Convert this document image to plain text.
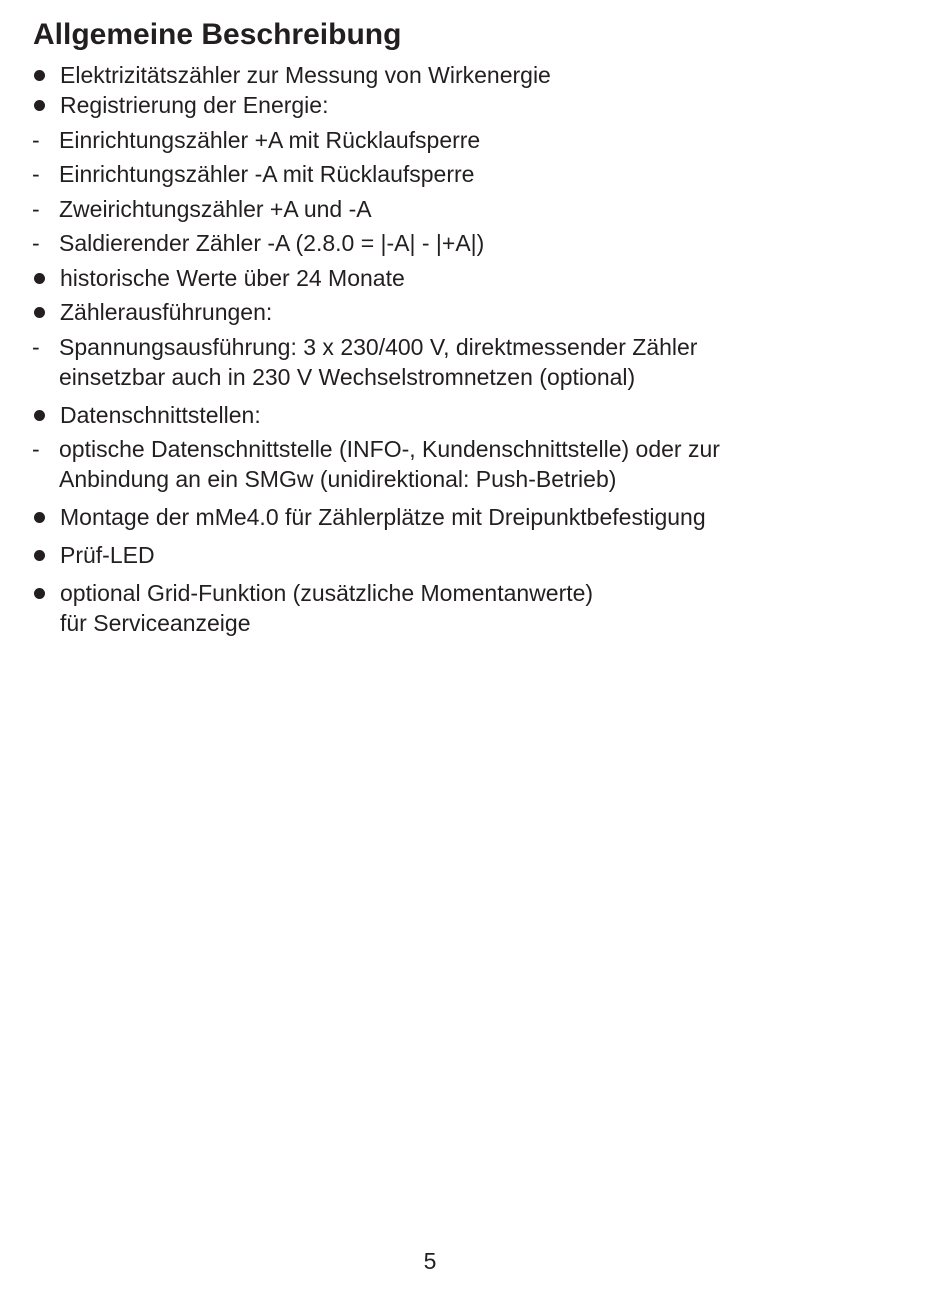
Allgemeine Beschreibung
Elektrizitätszähler zur Messung von Wirkenergie
Registrierung der Energie:
- Einrichtungszähler +A mit Rücklaufsperre
- Einrichtungszähler -A mit Rücklaufsperre
- Zweirichtungszähler +A und -A
- Saldierender Zähler -A (2.8.0 = |-A| - |+A|)
historische Werte über 24 Monate
Zählerausführungen:
- Spannungsausführung: 3 x 230/400 V, direktmessender Zähler
einsetzbar auch in 230 V Wechselstromnetzen (optional)
Datenschnittstellen:
- optische Datenschnittstelle (INFO-, Kundenschnittstelle) oder zur
Anbindung an ein SMGw (unidirektional: Push-Betrieb)
Montage der mMe4.0 für Zählerplätze mit Dreipunktbefestigung
Prüf-LED
optional Grid-Funktion (zusätzliche Momentanwerte)
für Serviceanzeige
5
